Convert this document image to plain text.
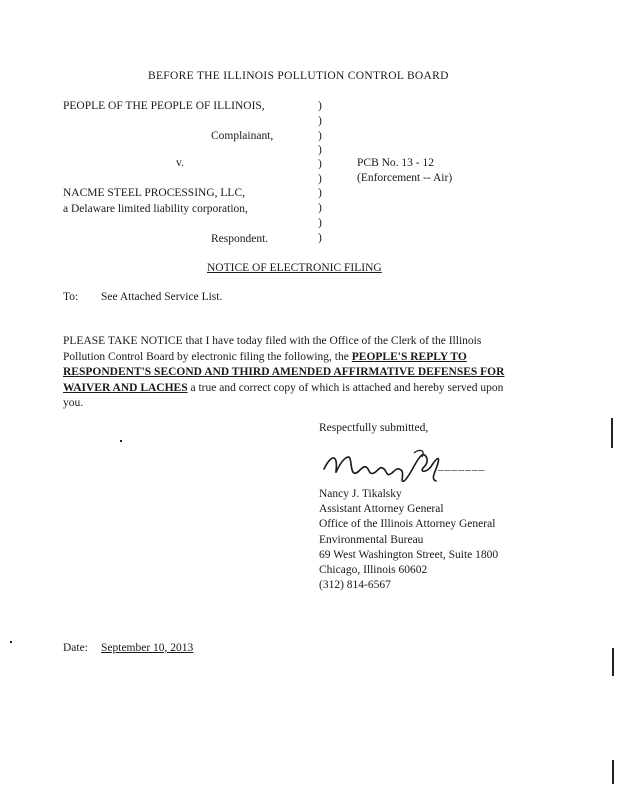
BEFORE THE ILLINOIS POLLUTION CONTROL BOARD
PEOPLE OF THE PEOPLE OF ILLINOIS,
Complainant,
v.
NACME STEEL PROCESSING, LLC,
a Delaware limited liability corporation,
Respondent.
)
)
)
)
)
)
)
)
)
)
PCB No. 13 - 12
(Enforcement -- Air)
NOTICE OF ELECTRONIC FILING
To: See Attached Service List.
PLEASE TAKE NOTICE that I have today filed with the Office of the Clerk of the Illinois Pollution Control Board by electronic filing the following, the PEOPLE'S REPLY TO RESPONDENT'S SECOND AND THIRD AMENDED AFFIRMATIVE DEFENSES FOR WAIVER AND LACHES a true and correct copy of which is attached and hereby served upon you.
Respectfully submitted,
_______
Nancy J. Tikalsky
Assistant Attorney General
Office of the Illinois Attorney General
Environmental Bureau
69 West Washington Street, Suite 1800
Chicago, Illinois 60602
(312) 814-6567
Date: September 10, 2013
